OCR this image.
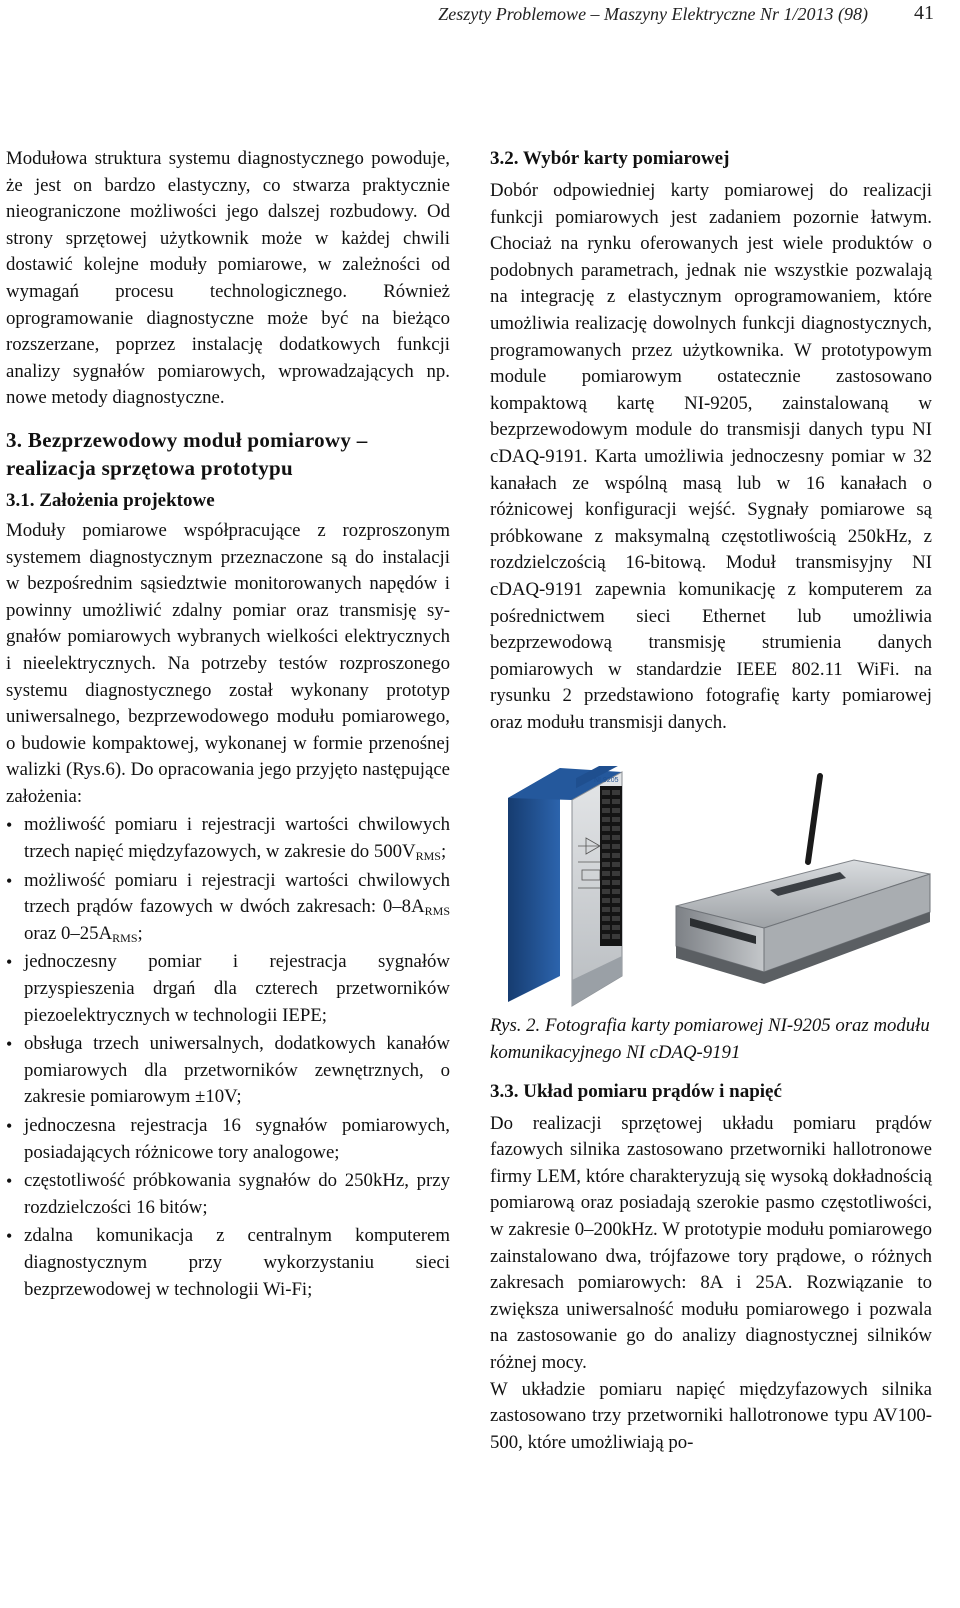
Zeszyty Problemowe – Maszyny Elektryczne Nr 1/2013 (98) 41

Modułowa struktura systemu diagnostycznego powoduje, że jest on bardzo elastyczny, co stwarza praktycznie nieograniczone możliwości jego dalszej rozbudowy. Od strony sprzętowej użytkownik może w każdej chwili dostawić kolejne moduły pomiarowe, w zależności od wymagań procesu technologicznego. Również oprogramowanie diagnostyczne może być na bieżąco rozszerzane, poprzez instalację dodatkowych funkcji analizy sygnałów pomiarowych, wprowadzających np. nowe metody diagnostyczne.

3. Bezprzewodowy moduł pomiarowy – realizacja sprzętowa prototypu
3.1. Założenia projektowe

Moduły pomiarowe współpracujące z rozproszonym systemem diagnostycznym przeznaczone są do instalacji w bezpośrednim sąsiedztwie monitorowanych napędów i powinny umożliwić zdalny pomiar oraz transmisję sygnałów pomiarowych wybranych wielkości elektrycznych i nieelektrycznych. Na potrzeby testów rozproszonego systemu diagnostycznego został wykonany prototyp uniwersalnego, bezprzewodowego modułu pomiarowego, o budowie kompaktowej, wykonanej w formie przenośnej walizki (Rys.6). Do opracowania jego przyjęto następujące założenia:

• możliwość pomiaru i rejestracji wartości chwilowych trzech napięć międzyfazowych, w zakresie do $500V_{RMS}$;
• możliwość pomiaru i rejestracji wartości chwilowych trzech prądów fazowych w dwóch zakresach: $0-8A_{RMS}$ oraz $0-25A_{RMS}$;
• jednoczesny pomiar i rejestracja sygnałów przyspieszenia drgań dla czterech przetworników piezoelektrycznych w technologii IEPE;
• obsługa trzech uniwersalnych, dodatkowych kanałów pomiarowych dla przetworników zewnętrznych, o zakresie pomiarowym ±10V;
• jednoczesna rejestracja 16 sygnałów pomiarowych, posiadających różnicowe tory analogowe;
• częstotliwość próbkowania sygnałów do 250kHz, przy rozdzielczości 16 bitów;
• zdalna komunikacja z centralnym komputerem diagnostycznym przy wykorzystaniu sieci bezprzewodowej w technologii Wi-Fi;
3.2. Wybór karty pomiarowej

Dobór odpowiedniej karty pomiarowej do realizacji funkcji pomiarowych jest zadaniem pozornie łatwym. Chociaż na rynku oferowanych jest wiele produktów o podobnych parametrach, jednak nie wszystkie pozwalają na integrację z elastycznym oprogramowaniem, które umożliwia realizację dowolnych funkcji diagnostycznych, programowanych przez użytkownika. W prototypowym module pomiarowym ostatecznie zastosowano kompaktową kartę NI-9205, zainstalowaną w bezprzewodowym module do transmisji danych typu NI cDAQ-9191. Karta umożliwia jednoczesny pomiar w 32 kanałach ze wspólną masą lub w 16 kanałach o różnicowej konfiguracji wejść. Sygnały pomiarowe są próbkowane z maksymalną częstotliwością 250kHz, z rozdzielczością 16-bitową. Moduł transmisyjny NI cDAQ-9191 zapewnia komunikację z komputerem za pośrednictwem sieci Ethernet lub umożliwia bezprzewodową transmisję strumienia danych pomiarowych w standardzie IEEE 802.11 WiFi. na rysunku 2 przedstawiono fotografię karty pomiarowej oraz modułu transmisji danych.

NI 9205

Rys. 2. Fotografia karty pomiarowej NI-9205 oraz modułu komunikacyjnego NI cDAQ-9191

3.3. Układ pomiaru prądów i napięć

Do realizacji sprzętowej układu pomiaru prądów fazowych silnika zastosowano przetworniki hallotronowe firmy LEM, które charakteryzują się wysoką dokładnością pomiarową oraz posiadają szerokie pasmo częstotliwości, w zakresie 0–200kHz. W prototypie modułu pomiarowego zainstalowano dwa, trójfazowe tory prądowe, o różnych zakresach pomiarowych: 8A i 25A. Rozwiązanie to zwiększa uniwersalność modułu pomiarowego i pozwala na zastosowanie go do analizy diagnostycznej silników różnej mocy.

W układzie pomiaru napięć międzyfazowych silnika zastosowano trzy przetworniki hallotronowe typu AV100-500, które umożliwiają po-
